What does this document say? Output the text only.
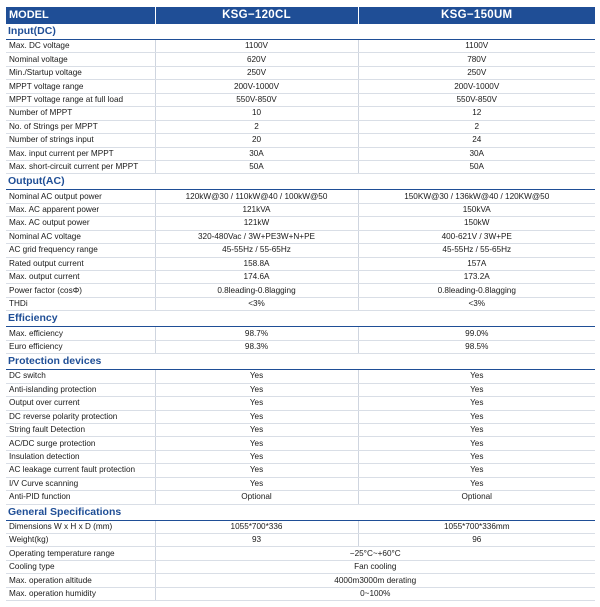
MODEL	KSG−120CL	KSG−150UM
Input(DC)		
Max. DC voltage	1100V	1100V
Nominal voltage	620V	780V
Min./Startup voltage	250V	250V
MPPT voltage range	200V-1000V	200V-1000V
MPPT voltage range at full load	550V-850V	550V-850V
Number of MPPT	10	12
No. of Strings per MPPT	2	2
Number of strings input	20	24
Max. input current per MPPT	30A	30A
Max. short-circuit current per MPPT	50A	50A
Output(AC)		
Nominal AC output power	120kW@30 / 110kW@40 / 100kW@50	150KW@30 / 136kW@40 / 120KW@50
Max. AC apparent power	121kVA	150kVA
Max. AC output power	121kW	150kW
Nominal AC voltage	320-480Vac / 3W+PE3W+N+PE	400-621V / 3W+PE
AC grid frequency range	45-55Hz / 55-65Hz	45-55Hz / 55-65Hz
Rated output current	158.8A	157A
Max. output current	174.6A	173.2A
Power factor (cosΦ)	0.8leading-0.8lagging	0.8leading-0.8lagging
THDi	<3%	<3%
Efficiency		
Max. efficiency	98.7%	99.0%
Euro efficiency	98.3%	98.5%
Protection devices		
DC switch	Yes	Yes
Anti-islanding protection	Yes	Yes
Output over current	Yes	Yes
DC reverse polarity protection	Yes	Yes
String fault Detection	Yes	Yes
AC/DC surge protection	Yes	Yes
Insulation detection	Yes	Yes
AC leakage current fault protection	Yes	Yes
I/V Curve scanning	Yes	Yes
Anti-PID function	Optional	Optional
General Specifications		
Dimensions W x H x D (mm)	1055*700*336	1055*700*336mm
Weight(kg)	93	96
Operating temperature range	−25°C~+60°C	
Cooling type	Fan cooling	
Max. operation altitude	4000m3000m derating	
Max. operation humidity	0~100%	
